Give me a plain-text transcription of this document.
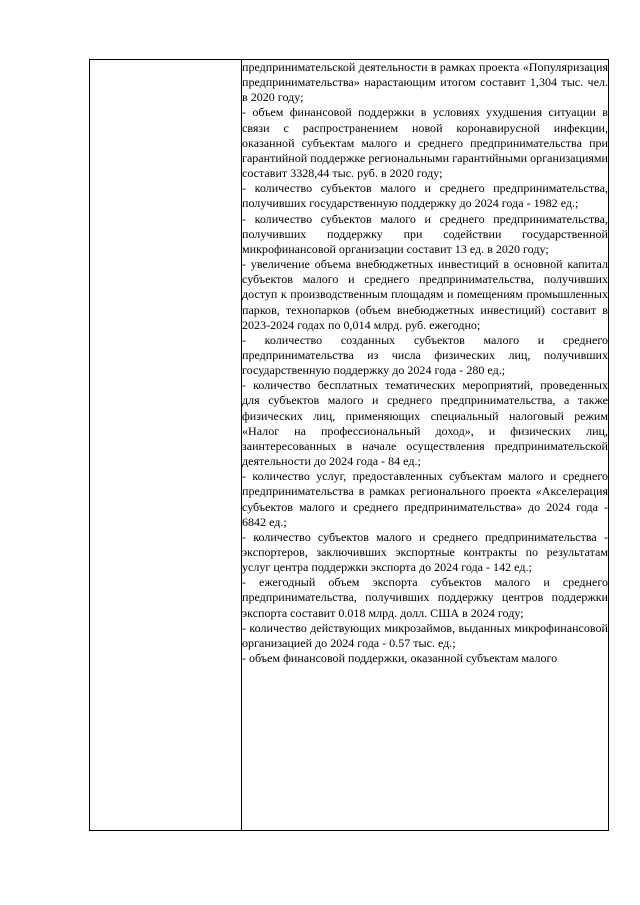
предпринимательской деятельности в рамках проекта «Популяризация предпринимательства» нарастающим итогом составит 1,304 тыс. чел. в 2020 году;

- объем финансовой поддержки в условиях ухудшения ситуации в связи с распространением новой коронавирусной инфекции, оказанной субъектам малого и среднего предпринимательства при гарантийной поддержке региональными гарантийными организациями составит 3328,44 тыс. руб. в 2020 году;

- количество субъектов малого и среднего предпринимательства, получивших государственную поддержку до 2024 года - 1982 ед.;

- количество субъектов малого и среднего предпринимательства, получивших поддержку при содействии государственной микрофинансовой организации составит 13 ед. в 2020 году;

- увеличение объема внебюджетных инвестиций в основной капитал субъектов малого и среднего предпринимательства, получивших доступ к производственным площадям и помещениям промышленных парков, технопарков (объем внебюджетных инвестиций) составит в 2023-2024 годах по 0,014 млрд. руб. ежегодно;

- количество созданных субъектов малого и среднего предпринимательства из числа физических лиц, получивших государственную поддержку до 2024 года - 280 ед.;

- количество бесплатных тематических мероприятий, проведенных для субъектов малого и среднего предпринимательства, а также физических лиц, применяющих специальный налоговый режим «Налог на профессиональный доход», и физических лиц, заинтересованных в начале осуществления предпринимательской деятельности до 2024 года - 84 ед.;

- количество услуг, предоставленных субъектам малого и среднего предпринимательства в рамках регионального проекта «Акселерация субъектов малого и среднего предпринимательства» до 2024 года - 6842 ед.;

- количество субъектов малого и среднего предпринимательства - экспортеров, заключивших экспортные контракты по результатам услуг центра поддержки экспорта до 2024 года - 142 ед.;

- ежегодный объем экспорта субъектов малого и среднего предпринимательства, получивших поддержку центров поддержки экспорта составит 0.018 млрд. долл. США в 2024 году;

- количество действующих микрозаймов, выданных микрофинансовой организацией до 2024 года - 0.57 тыс. ед.;

- объем финансовой поддержки, оказанной субъектам малого
